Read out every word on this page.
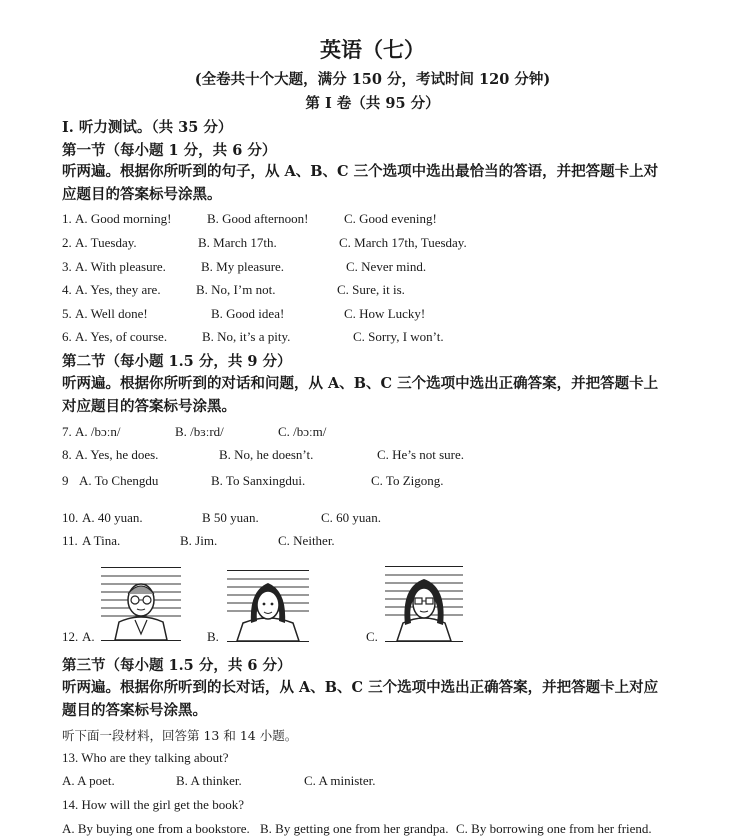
英语（七）
(全卷共十个大题，满分 150 分，考试时间 120 分钟)
第 I 卷（共 95 分）
I. 听力测试。（共 35 分）
第一节（每小题 1 分，共 6 分）
听两遍。根据你所听到的句子，从 A、B、C 三个选项中选出最恰当的答语，并把答题卡上对
应题目的答案标号涂黑。
1. A. Good morning!	B. Good afternoon!	C. Good evening!
2. A. Tuesday.	B. March 17th.	C. March 17th, Tuesday.
3. A. With pleasure.	B. My pleasure.	C. Never mind.
4. A. Yes, they are.	B. No, I’m not.	C. Sure, it is.
5. A. Well done!	B. Good idea!	C. How Lucky!
6. A. Yes, of course.	B. No, it’s a pity.	C. Sorry, I won’t.
第二节（每小题 1.5 分，共 9 分）
听两遍。根据你所听到的对话和问题，从 A、B、C 三个选项中选出正确答案，并把答题卡上
对应题目的答案标号涂黑。
7. A. /bɔːn/	B. /bɜːrd/	C. /bɔːm/
8. A. Yes, he does.	B. No, he doesn’t.	C. He’s not sure.
9 A. To Chengdu	B. To Sanxingdui.	C. To Zigong.
10. A. 40 yuan.	B 50 yuan.	C. 60 yuan.
11. A Tina.	B. Jim.	C. Neither.
12. A.	B.	C.
第三节（每小题 1.5 分，共 6 分）
听两遍。根据你所听到的长对话，从 A、B、C 三个选项中选出正确答案，并把答题卡上对应
题目的答案标号涂黑。
听下面一段材料，回答第 13 和 14 小题。
13. Who are they talking about?
A. A poet.	B. A thinker.	C. A minister.
14. How will the girl get the book?
A. By buying one from a bookstore. B. By getting one from her grandpa. C. By borrowing one from her friend.
